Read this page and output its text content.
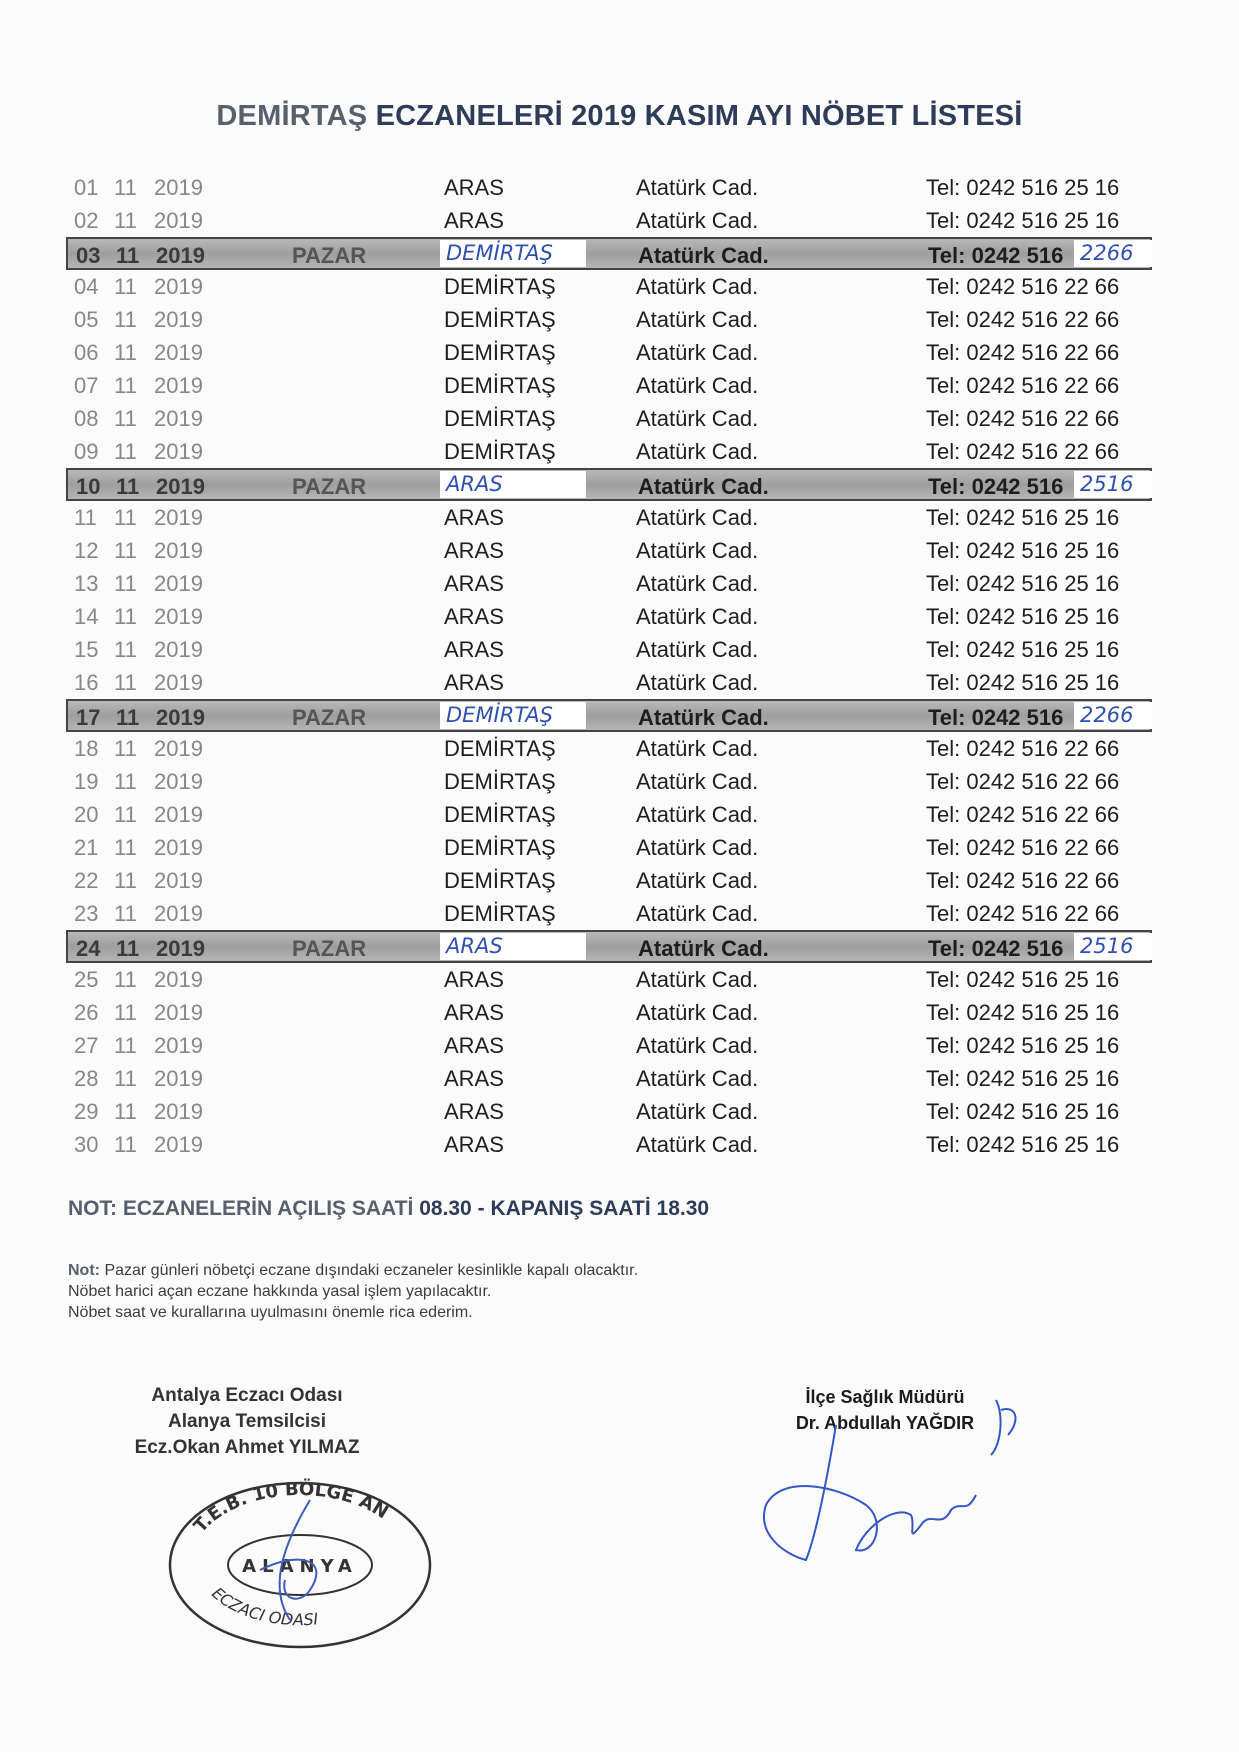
DEMİRTAŞ ECZANELERİ 2019 KASIM AYI NÖBET LİSTESİ
01 11 2019	ARAS	Atatürk Cad.	Tel: 0242 516 25 16
02 11 2019	ARAS	Atatürk Cad.	Tel: 0242 516 25 16
03 11 2019	PAZAR	DEMİRTAŞ	Atatürk Cad.	Tel: 0242 516 2266
04 11 2019	DEMİRTAŞ	Atatürk Cad.	Tel: 0242 516 22 66
05 11 2019	DEMİRTAŞ	Atatürk Cad.	Tel: 0242 516 22 66
06 11 2019	DEMİRTAŞ	Atatürk Cad.	Tel: 0242 516 22 66
07 11 2019	DEMİRTAŞ	Atatürk Cad.	Tel: 0242 516 22 66
08 11 2019	DEMİRTAŞ	Atatürk Cad.	Tel: 0242 516 22 66
09 11 2019	DEMİRTAŞ	Atatürk Cad.	Tel: 0242 516 22 66
10 11 2019	PAZAR	ARAS	Atatürk Cad.	Tel: 0242 516 2516
11 11 2019	ARAS	Atatürk Cad.	Tel: 0242 516 25 16
12 11 2019	ARAS	Atatürk Cad.	Tel: 0242 516 25 16
13 11 2019	ARAS	Atatürk Cad.	Tel: 0242 516 25 16
14 11 2019	ARAS	Atatürk Cad.	Tel: 0242 516 25 16
15 11 2019	ARAS	Atatürk Cad.	Tel: 0242 516 25 16
16 11 2019	ARAS	Atatürk Cad.	Tel: 0242 516 25 16
17 11 2019	PAZAR	DEMİRTAŞ	Atatürk Cad.	Tel: 0242 516 2266
18 11 2019	DEMİRTAŞ	Atatürk Cad.	Tel: 0242 516 22 66
19 11 2019	DEMİRTAŞ	Atatürk Cad.	Tel: 0242 516 22 66
20 11 2019	DEMİRTAŞ	Atatürk Cad.	Tel: 0242 516 22 66
21 11 2019	DEMİRTAŞ	Atatürk Cad.	Tel: 0242 516 22 66
22 11 2019	DEMİRTAŞ	Atatürk Cad.	Tel: 0242 516 22 66
23 11 2019	DEMİRTAŞ	Atatürk Cad.	Tel: 0242 516 22 66
24 11 2019	PAZAR	ARAS	Atatürk Cad.	Tel: 0242 516 2516
25 11 2019	ARAS	Atatürk Cad.	Tel: 0242 516 25 16
26 11 2019	ARAS	Atatürk Cad.	Tel: 0242 516 25 16
27 11 2019	ARAS	Atatürk Cad.	Tel: 0242 516 25 16
28 11 2019	ARAS	Atatürk Cad.	Tel: 0242 516 25 16
29 11 2019	ARAS	Atatürk Cad.	Tel: 0242 516 25 16
30 11 2019	ARAS	Atatürk Cad.	Tel: 0242 516 25 16
NOT: ECZANELERİN AÇILIŞ SAATİ 08.30 - KAPANIŞ SAATİ 18.30
Not: Pazar günleri nöbetçi eczane dışındaki eczaneler kesinlikle kapalı olacaktır.
Nöbet harici açan eczane hakkında yasal işlem yapılacaktır.
Nöbet saat ve kurallarına uyulmasını önemle rica ederim.
Antalya Eczacı Odası
Alanya Temsilcisi
Ecz.Okan Ahmet YILMAZ
İlçe Sağlık Müdürü
Dr. Abdullah YAĞDIR
T.E.B. 10 BÖLGE AN
ALANYA
ECZACI ODASI
